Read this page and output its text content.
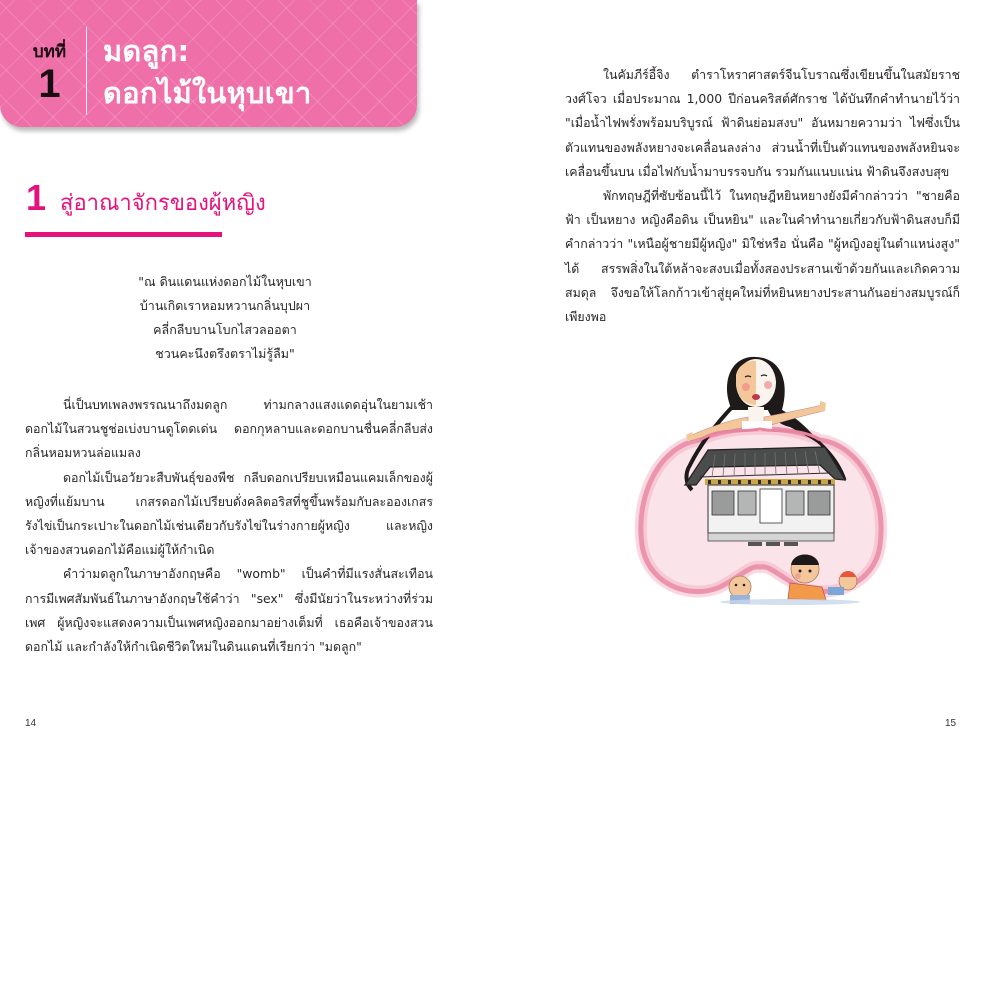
บทที่
1
มดลูก:
ดอกไม้ในหุบเขา
1 สู่อาณาจักรของผู้หญิง
"ณ ดินแดนแห่งดอกไม้ในหุบเขา
บ้านเกิดเราหอมหวานกลิ่นบุปผา
คลี่กลีบบานโบกไสวลออตา
ชวนคะนึงตรึงตราไม่รู้ลืม"

นี่เป็นบทเพลงพรรณนาถึงมดลูก ท่ามกลางแสงแดดอุ่นในยามเช้า ดอกไม้ในสวนชูช่อเบ่งบานดูโดดเด่น ดอกกุหลาบและดอกบานชื่นคลี่กลีบส่งกลิ่นหอมหวนล่อแมลง

ดอกไม้เป็นอวัยวะสืบพันธุ์ของพืช กลีบดอกเปรียบเหมือนแคมเล็กของผู้หญิงที่แย้มบาน เกสรดอกไม้เปรียบดั่งคลิตอริสที่ชูขึ้นพร้อมกับละอองเกสร รังไข่เป็นกระเปาะในดอกไม้เช่นเดียวกับรังไข่ในร่างกายผู้หญิง และหญิงเจ้าของสวนดอกไม้คือแม่ผู้ให้กำเนิด

คำว่ามดลูกในภาษาอังกฤษคือ "womb" เป็นคำที่มีแรงสั่นสะเทือน การมีเพศสัมพันธ์ในภาษาอังกฤษใช้คำว่า "sex" ซึ่งมีนัยว่าในระหว่างที่ร่วมเพศ ผู้หญิงจะแสดงความเป็นเพศหญิงออกมาอย่างเต็มที่ เธอคือเจ้าของสวนดอกไม้ และกำลังให้กำเนิดชีวิตใหม่ในดินแดนที่เรียกว่า "มดลูก"

ในคัมภีร์อี้จิง ตำราโหราศาสตร์จีนโบราณซึ่งเขียนขึ้นในสมัยราชวงศ์โจว เมื่อประมาณ 1,000 ปีก่อนคริสต์ศักราช ได้บันทึกคำทำนายไว้ว่า "เมื่อน้ำไฟพรั่งพร้อมบริบูรณ์ ฟ้าดินย่อมสงบ" อันหมายความว่า ไฟซึ่งเป็นตัวแทนของพลังหยางจะเคลื่อนลงล่าง ส่วนน้ำที่เป็นตัวแทนของพลังหยินจะเคลื่อนขึ้นบน เมื่อไฟกับน้ำมาบรรจบกัน รวมกันแนบแน่น ฟ้าดินจึงสงบสุข

พักทฤษฎีที่ซับซ้อนนี้ไว้ ในทฤษฎีหยินหยางยังมีคำกล่าวว่า "ชายคือฟ้า เป็นหยาง หญิงคือดิน เป็นหยิน" และในคำทำนายเกี่ยวกับฟ้าดินสงบก็มีคำกล่าวว่า "เหนือผู้ชายมีผู้หญิง" มิใช่หรือ นั่นคือ "ผู้หญิงอยู่ในตำแหน่งสูง" ได้ สรรพสิ่งในใต้หล้าจะสงบเมื่อทั้งสองประสานเข้าด้วยกันและเกิดความสมดุล จึงขอให้โลกก้าวเข้าสู่ยุคใหม่ที่หยินหยางประสานกันอย่างสมบูรณ์ก็เพียงพอ

14	15
